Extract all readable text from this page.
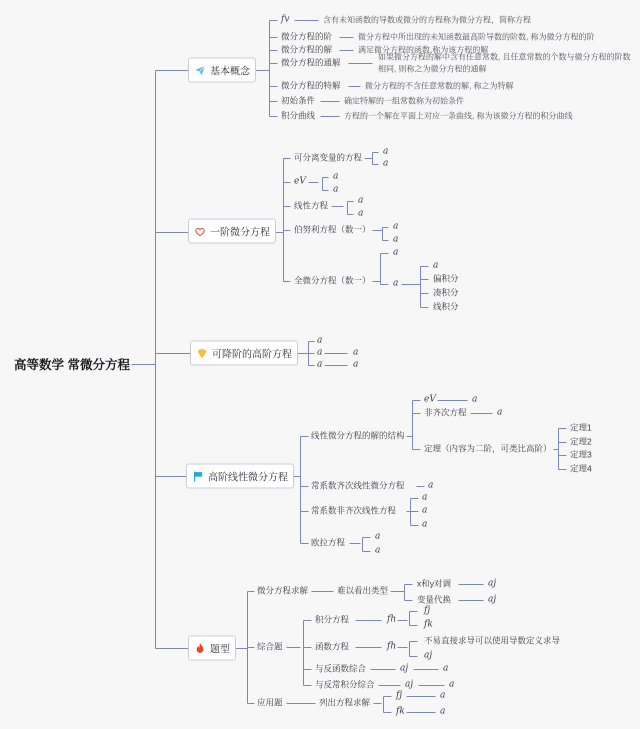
高等数学 常微分方程
基本概念
一阶微分方程
可降阶的高阶方程
高阶线性微分方程
题型
fv	含有未知函数的导数或微分的方程称为微分方程，简称方程
微分方程的阶	微分方程中所出现的未知函数最高阶导数的阶数, 称为微分方程的阶
微分方程的解	满足微分方程的函数,称为该方程的解
微分方程的通解
如果微分方程的解中含有任意常数, 且任意常数的个数与微分方程的阶数相同, 则称之为微分方程的通解
微分方程的特解	微分方程的不含任意常数的解, 称之为特解
初始条件	确定特解的一组常数称为初始条件
积分曲线	方程的一个解在平面上对应一条曲线, 称为该微分方程的积分曲线
可分离变量的方程
a
a
eV	a
a
线性方程	a
a
伯努利方程（数一） a
a
全微分方程（数一）
a
a
a
偏积分
凑积分
线积分
a
a	a
a	a
线性微分方程的解的结构
eV	a
非齐次方程	a
定理（内容为二阶，可类比高阶）
定理1
定理2
定理3
定理4
常系数齐次线性微分方程	a
常系数非齐次线性方程
a
a
a
欧拉方程
a
a
微分方程求解	难以看出类型
x和y对调	aj
变量代换	aj
综合题
积分方程	fh
fj
fk
函数方程	fh
不易直接求导可以使用导数定义求导
aj
与反函数综合	aj	a
与反常积分综合	aj	a
应用题	列出方程求解
fj	a
fk	a
